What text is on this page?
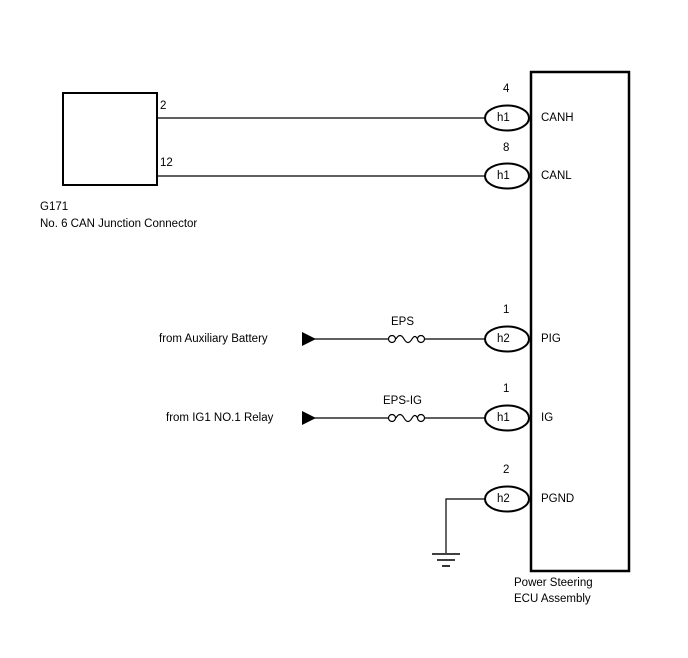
2
12
G171
No. 6 CAN Junction Connector
4
8
1
1
2
h1
h1
h2
h1
h2
CANH
CANL
PIG
IG
PGND
from Auxiliary Battery
from IG1 NO.1 Relay
EPS
EPS-IG
Power Steering
ECU Assembly
